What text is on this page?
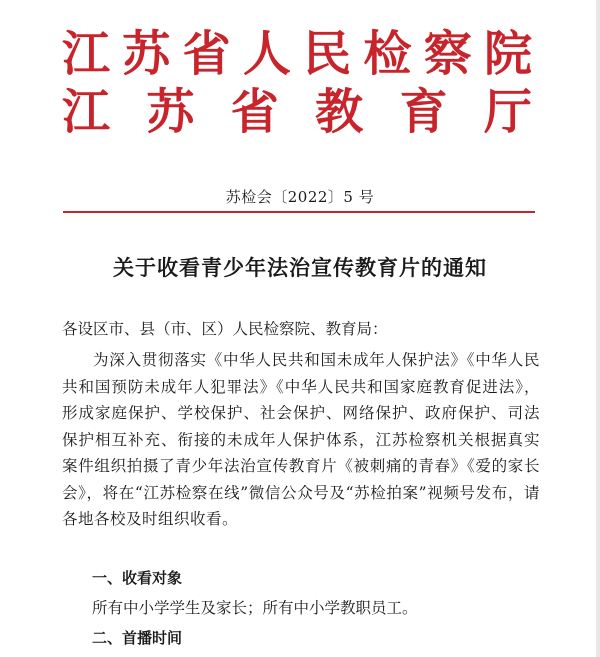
江 苏 省 人 民 检 察 院
江 苏 省 教 育 厅
苏检会〔2022〕5 号
关于收看青少年法治宣传教育片的通知
各设区市、县（市、区）人民检察院、教育局：
为深入贯彻落实《中华人民共和国未成年人保护法》《中华人民共和国预防未成年人犯罪法》《中华人民共和国家庭教育促进法》，形成家庭保护、学校保护、社会保护、网络保护、政府保护、司法保护相互补充、衔接的未成年人保护体系，江苏检察机关根据真实案件组织拍摄了青少年法治宣传教育片《被刺痛的青春》《爱的家长会》，将在“江苏检察在线”微信公众号及“苏检拍案”视频号发布，请各地各校及时组织收看。
一、收看对象
所有中小学学生及家长；所有中小学教职员工。
二、首播时间
